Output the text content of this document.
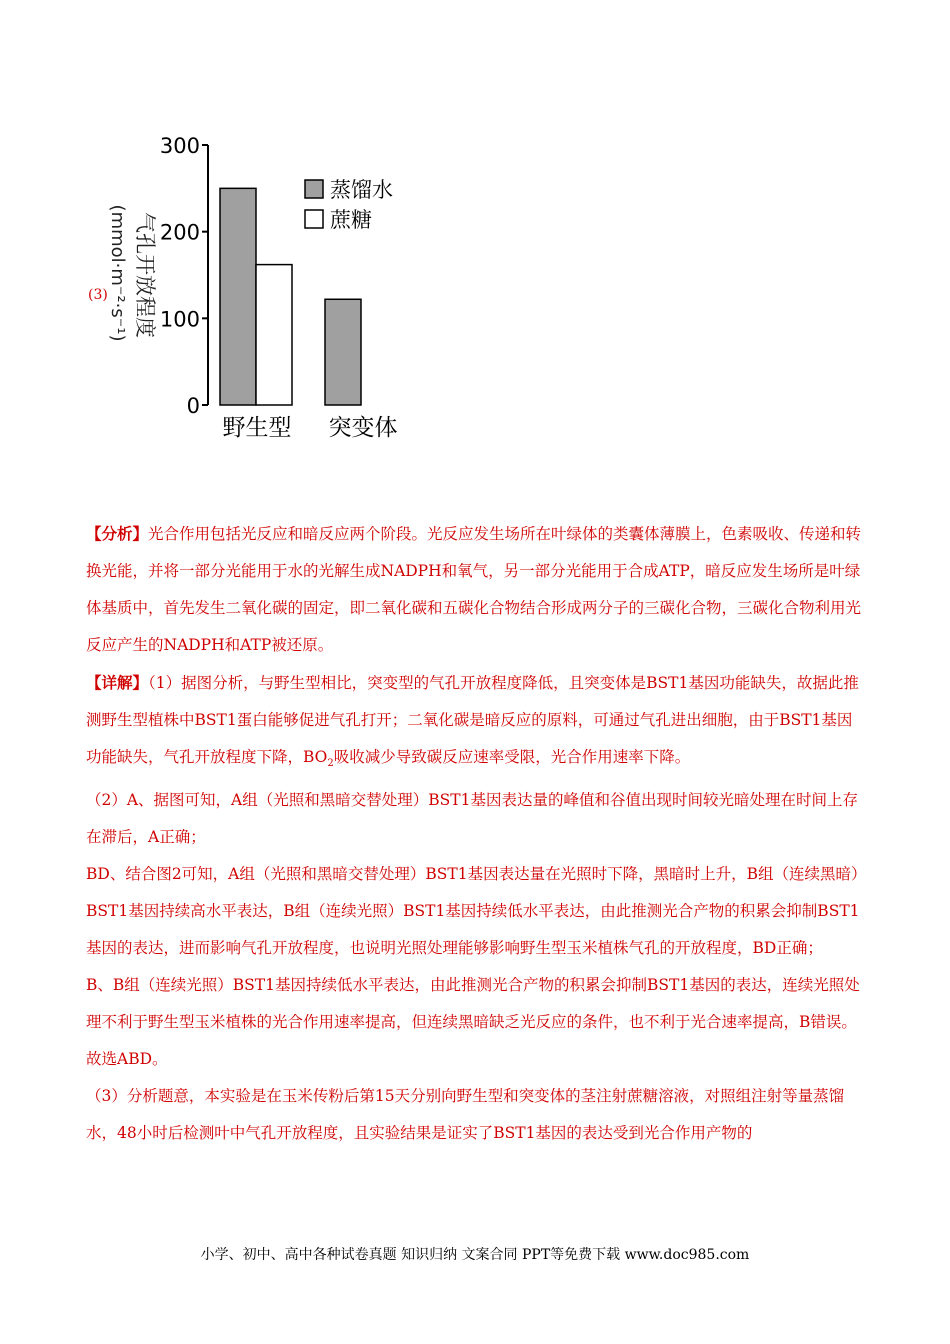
(3)
0
100
200
300
野生型 突变体
蒸馏水
蔗糖
气孔开放程度
(mmol·m⁻²·s⁻¹)

【分析】光合作用包括光反应和暗反应两个阶段。光反应发生场所在叶绿体的类囊体薄膜上，色素吸收、传递和转换光能，并将一部分光能用于水的光解生成NADPH和氧气，另一部分光能用于合成ATP，暗反应发生场所是叶绿体基质中，首先发生二氧化碳的固定，即二氧化碳和五碳化合物结合形成两分子的三碳化合物，三碳化合物利用光反应产生的NADPH和ATP被还原。

【详解】（1）据图分析，与野生型相比，突变型的气孔开放程度降低，且突变体是BST1基因功能缺失，故据此推测野生型植株中BST1蛋白能够促进气孔打开；二氧化碳是暗反应的原料，可通过气孔进出细胞，由于BST1基因功能缺失，气孔开放程度下降，$BO_2$吸收减少导致碳反应速率受限，光合作用速率下降。

（2）A、据图可知，A组（光照和黑暗交替处理）BST1基因表达量的峰值和谷值出现时间较光暗处理在时间上存在滞后，A正确；

BD、结合图2可知，A组（光照和黑暗交替处理）BST1基因表达量在光照时下降，黑暗时上升，B组（连续黑暗）BST1基因持续高水平表达，B组（连续光照）BST1基因持续低水平表达，由此推测光合产物的积累会抑制BST1基因的表达，进而影响气孔开放程度，也说明光照处理能够影响野生型玉米植株气孔的开放程度，BD正确；

B、B组（连续光照）BST1基因持续低水平表达，由此推测光合产物的积累会抑制BST1基因的表达，连续光照处理不利于野生型玉米植株的光合作用速率提高，但连续黑暗缺乏光反应的条件，也不利于光合速率提高，B错误。

故选ABD。

（3）分析题意，本实验是在玉米传粉后第15天分别向野生型和突变体的茎注射蔗糖溶液，对照组注射等量蒸馏水，48小时后检测叶中气孔开放程度，且实验结果是证实了BST1基因的表达受到光合作用产物的

小学、初中、高中各种试卷真题 知识归纳 文案合同 PPT等免费下载 www.doc985.com
